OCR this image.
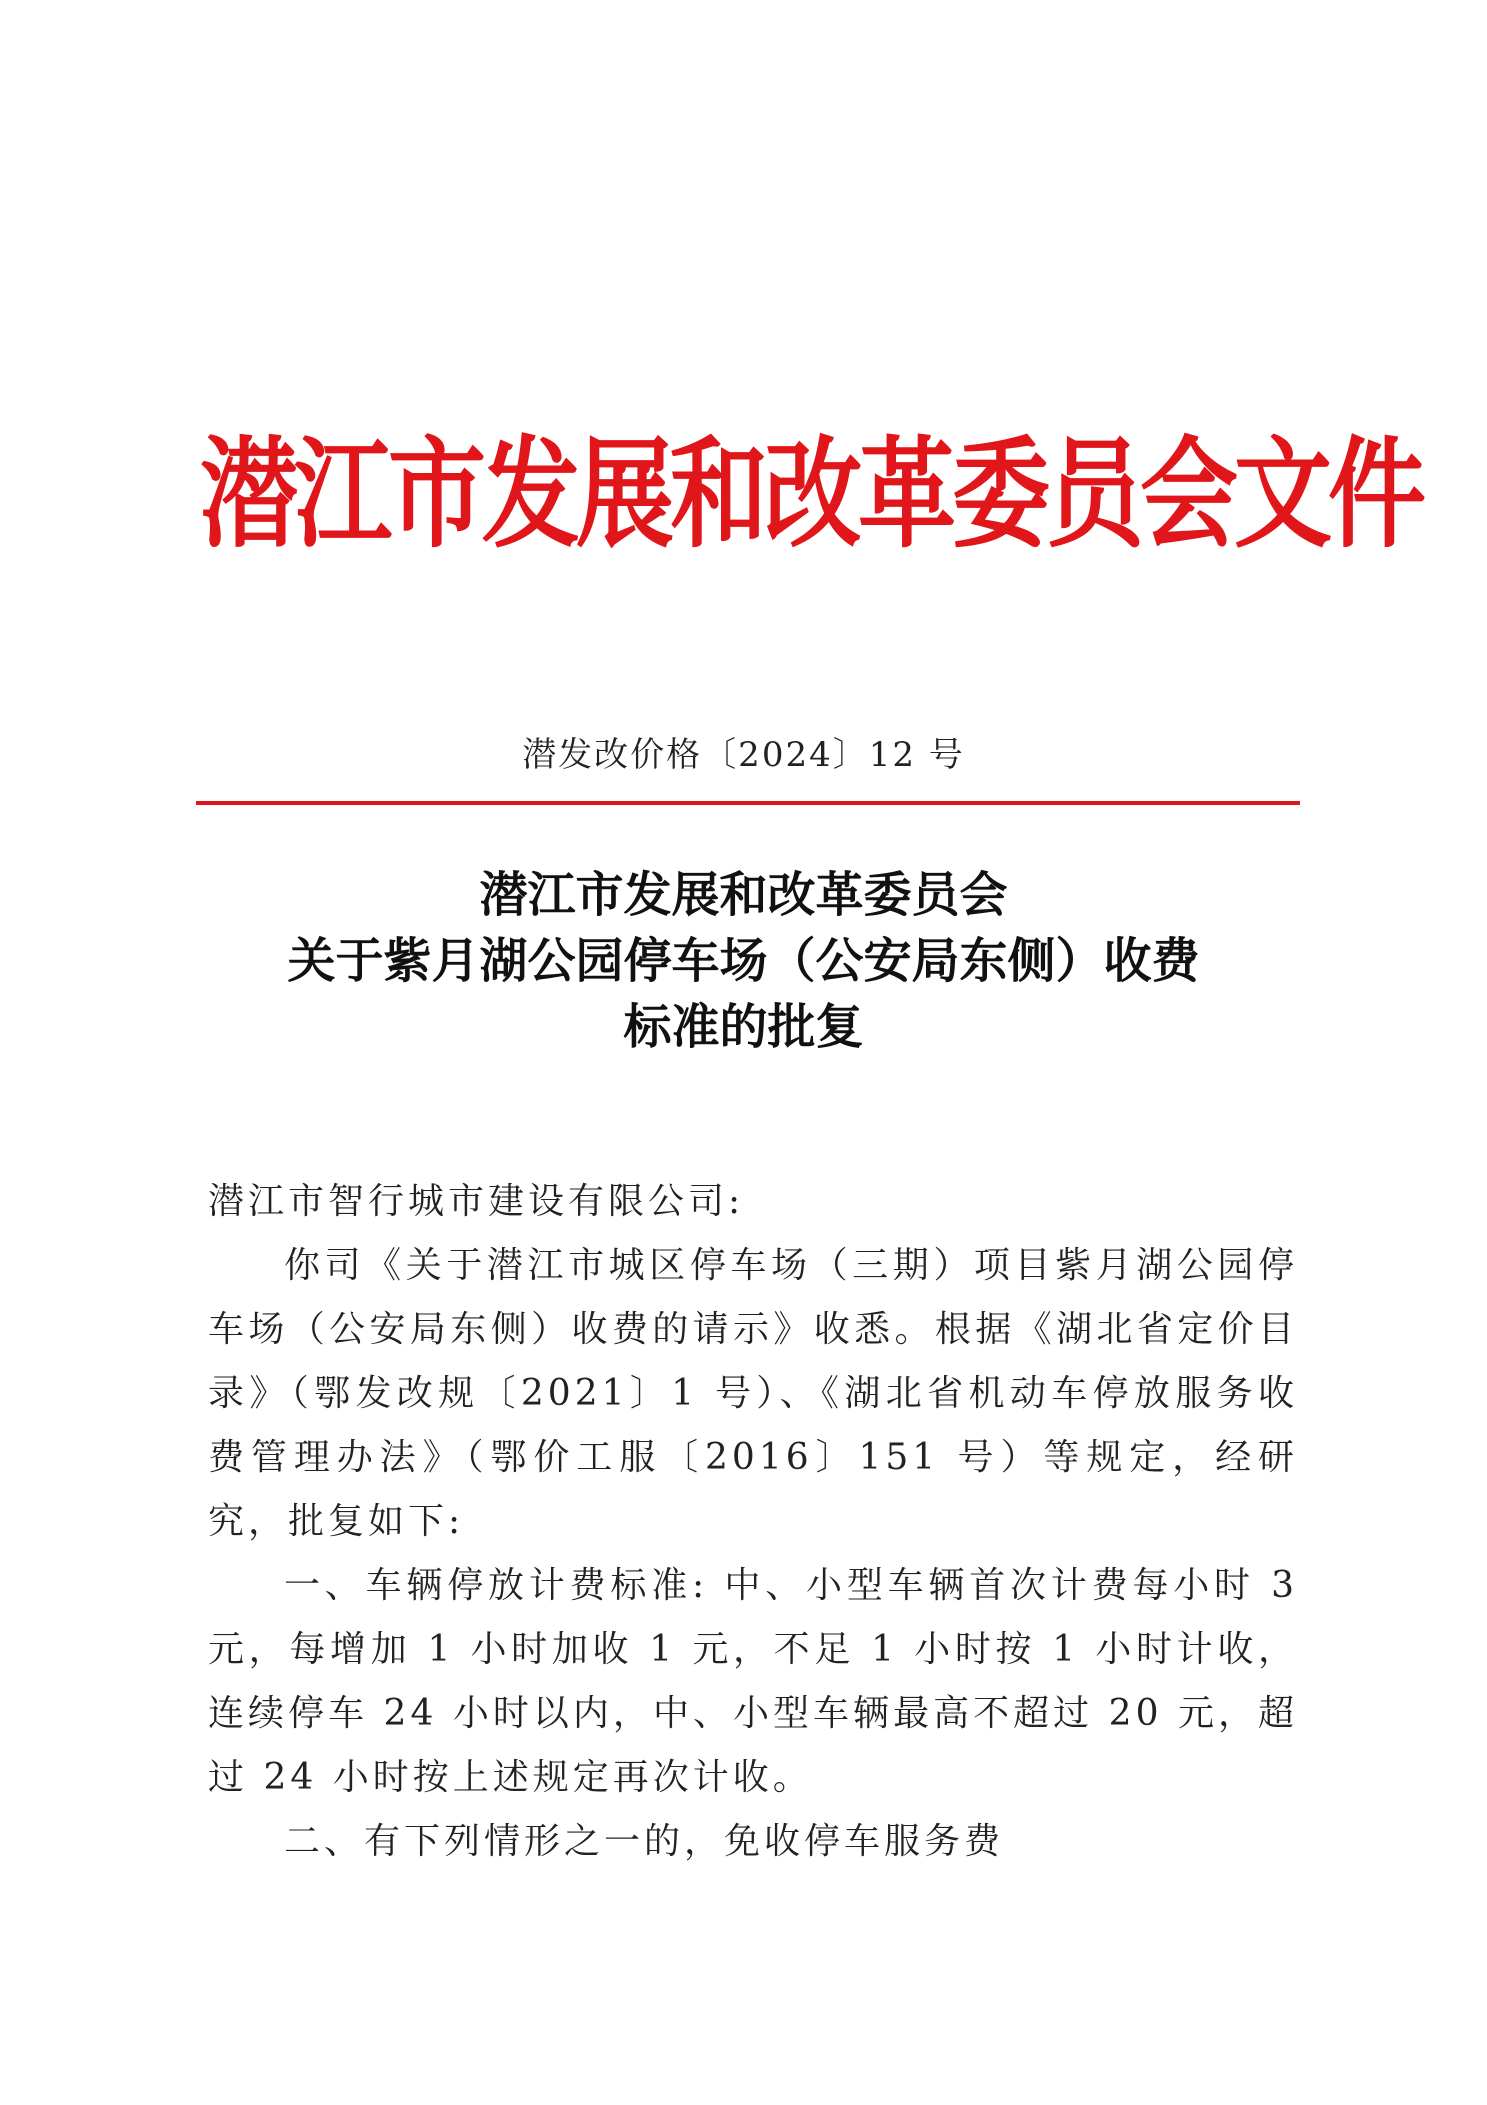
潜江市发展和改革委员会文件
潜发改价格〔2024〕12 号
潜江市发展和改革委员会
关于紫月湖公园停车场（公安局东侧）收费
标准的批复

潜江市智行城市建设有限公司:

你司《关于潜江市城区停车场（三期）项目紫月湖公园停车场（公安局东侧）收费的请示》收悉。根据《湖北省定价目录》（鄂发改规〔2021〕1 号）、《湖北省机动车停放服务收费管理办法》（鄂价工服〔2016〕151 号）等规定，经研究，批复如下:

一、车辆停放计费标准: 中、小型车辆首次计费每小时 3 元，每增加 1 小时加收 1 元，不足 1 小时按 1 小时计收，连续停车 24 小时以内，中、小型车辆最高不超过 20 元，超过 24 小时按上述规定再次计收。

二、有下列情形之一的，免收停车服务费
